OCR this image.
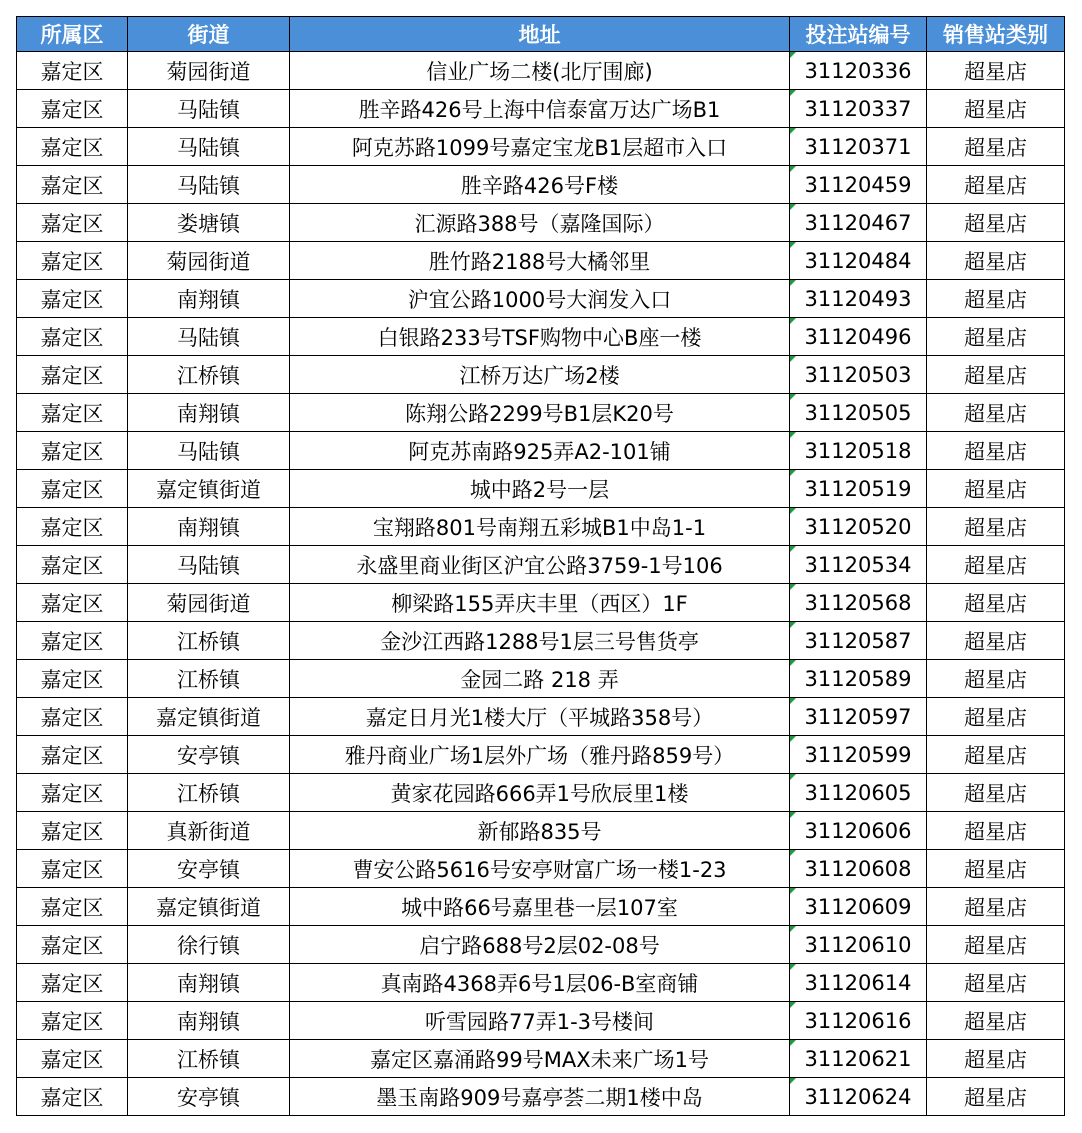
所属区	街道	地址	投注站编号	销售站类别
嘉定区	菊园街道	信业广场二楼(北厅围廊)	31120336	超星店
嘉定区	马陆镇	胜辛路426号上海中信泰富万达广场B1	31120337	超星店
嘉定区	马陆镇	阿克苏路1099号嘉定宝龙B1层超市入口	31120371	超星店
嘉定区	马陆镇	胜辛路426号F楼	31120459	超星店
嘉定区	娄塘镇	汇源路388号（嘉隆国际）	31120467	超星店
嘉定区	菊园街道	胜竹路2188号大橘邻里	31120484	超星店
嘉定区	南翔镇	沪宜公路1000号大润发入口	31120493	超星店
嘉定区	马陆镇	白银路233号TSF购物中心B座一楼	31120496	超星店
嘉定区	江桥镇	江桥万达广场2楼	31120503	超星店
嘉定区	南翔镇	陈翔公路2299号B1层K20号	31120505	超星店
嘉定区	马陆镇	阿克苏南路925弄A2-101铺	31120518	超星店
嘉定区	嘉定镇街道	城中路2号一层	31120519	超星店
嘉定区	南翔镇	宝翔路801号南翔五彩城B1中岛1-1	31120520	超星店
嘉定区	马陆镇	永盛里商业街区沪宜公路3759-1号106	31120534	超星店
嘉定区	菊园街道	柳梁路155弄庆丰里（西区）1F	31120568	超星店
嘉定区	江桥镇	金沙江西路1288号1层三号售货亭	31120587	超星店
嘉定区	江桥镇	金园二路 218 弄	31120589	超星店
嘉定区	嘉定镇街道	嘉定日月光1楼大厅（平城路358号）	31120597	超星店
嘉定区	安亭镇	雅丹商业广场1层外广场（雅丹路859号）	31120599	超星店
嘉定区	江桥镇	黄家花园路666弄1号欣辰里1楼	31120605	超星店
嘉定区	真新街道	新郁路835号	31120606	超星店
嘉定区	安亭镇	曹安公路5616号安亭财富广场一楼1-23	31120608	超星店
嘉定区	嘉定镇街道	城中路66号嘉里巷一层107室	31120609	超星店
嘉定区	徐行镇	启宁路688号2层02-08号	31120610	超星店
嘉定区	南翔镇	真南路4368弄6号1层06-B室商铺	31120614	超星店
嘉定区	南翔镇	听雪园路77弄1-3号楼间	31120616	超星店
嘉定区	江桥镇	嘉定区嘉涌路99号MAX未来广场1号	31120621	超星店
嘉定区	安亭镇	墨玉南路909号嘉亭荟二期1楼中岛	31120624	超星店
